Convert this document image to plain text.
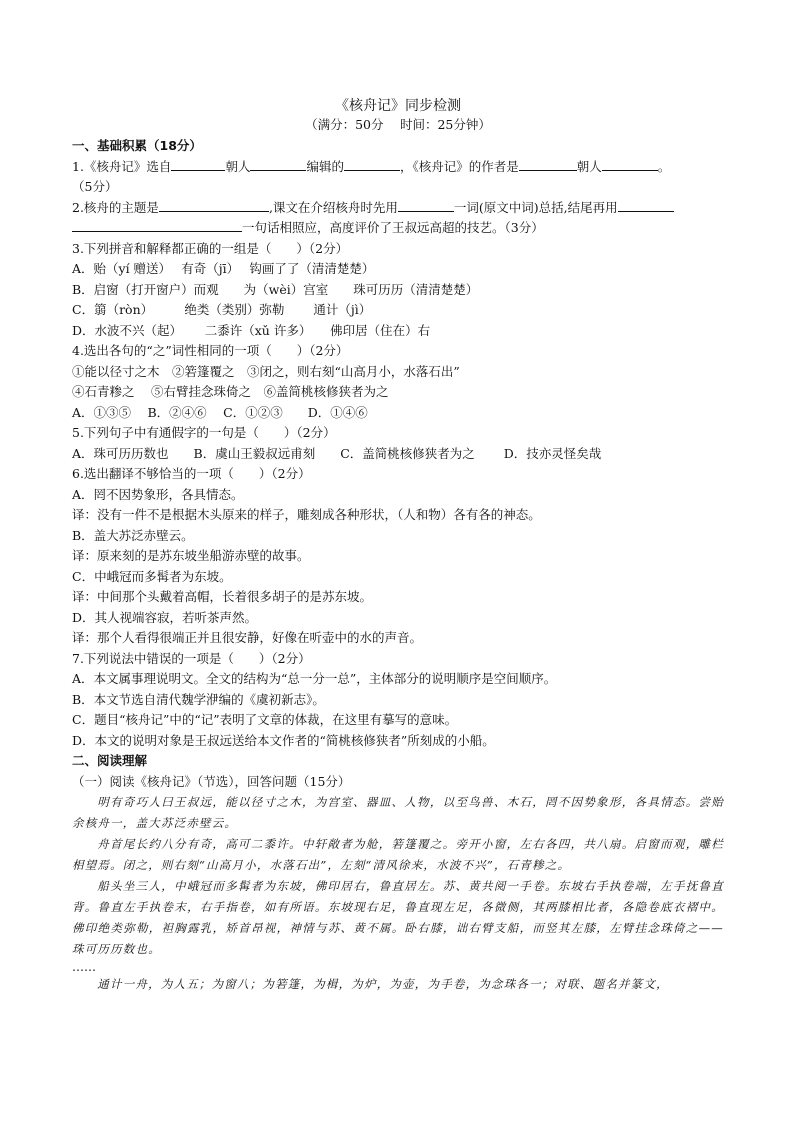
《核舟记》同步检测
（满分：50分　 时间：25分钟）
一、基础积累（18分）
1.《核舟记》选自	朝人	编辑的	，《核舟记》的作者是	朝人	。
（5分）
2.核舟的主题是	,课文在介绍核舟时先用	一词(原文中词)总括,结尾再用
一句话相照应，高度评价了王叔远高超的技艺。（3分）
3.下列拼音和解释都正确的一组是（　　）（2分）
A．贻（yí 赠送）　 有奇（jī）　 钩画了了（清清楚楚）
B．启窗（打开窗户）而观　　为（wèi）宫室　　珠可历历（清清楚楚）
C．篛（ròn）　　　绝类（类别）弥勒　　 通计（jì）
D．水波不兴（起）　　 二黍许（xǔ 许多）　　佛印居（住在）右
4.选出各句的“之”词性相同的一项（　　）（2分）
①能以径寸之木　②箬篷覆之　③闭之，则右刻“山高月小，水落石出”
④石青糁之　 ⑤右臂挂念珠倚之　⑥盖简桃核修狭者为之
A．①③⑤　 B．②④⑥　 C．①②③　　D．①④⑥
5.下列句子中有通假字的一句是（　　）（2分）
A．珠可历历数也　　B．虞山王毅叔远甫刻　　C．盖简桃核修狭者为之　　 D．技亦灵怪矣哉
6.选出翻译不够恰当的一项（　　）（2分）
A．罔不因势象形，各具情态。
译：没有一件不是根据木头原来的样子，雕刻成各种形状，（人和物）各有各的神态。
B．盖大苏泛赤壁云。
译：原来刻的是苏东坡坐船游赤壁的故事。
C．中峨冠而多髯者为东坡。
译：中间那个头戴着高帽，长着很多胡子的是苏东坡。
D．其人视端容寂，若听茶声然。
译：那个人看得很端正并且很安静，好像在听壶中的水的声音。
7.下列说法中错误的一项是（　　）（2分）
A．本文属事理说明文。全文的结构为“总一分一总”，主体部分的说明顺序是空间顺序。
B．本文节选自清代魏学洢编的《虞初新志》。
C．题目“核舟记”中的“记”表明了文章的体裁，在这里有摹写的意味。
D．本文的说明对象是王叔远送给本文作者的“简桃核修狭者”所刻成的小船。
二、阅读理解
（一）阅读《核舟记》（节选），回答问题（15分）
明有奇巧人曰王叔远，能以径寸之木，为宫室、器皿、人物，以至鸟兽、木石，罔不因势象形，各具情态。尝贻余核舟一，盖大苏泛赤壁云。
舟首尾长约八分有奇，高可二黍许。中轩敞者为舱，箬篷覆之。旁开小窗，左右各四，共八扇。启窗而观，雕栏相望焉。闭之，则右刻“山高月小，水落石出”，左刻“清风徐来，水波不兴”，石青糁之。
船头坐三人，中峨冠而多髯者为东坡，佛印居右，鲁直居左。苏、黄共阅一手卷。东坡右手执卷端，左手抚鲁直背。鲁直左手执卷末，右手指卷，如有所语。东坡现右足，鲁直现左足，各微侧，其两膝相比者，各隐卷底衣褶中。佛印绝类弥勒，袒胸露乳，矫首昂视，神情与苏、黄不属。卧右膝，诎右臂支船，而竖其左膝，左臂挂念珠倚之——珠可历历数也。
……
通计一舟，为人五；为窗八；为箬篷，为楫，为炉，为壶，为手卷，为念珠各一；对联、题名并篆文，
